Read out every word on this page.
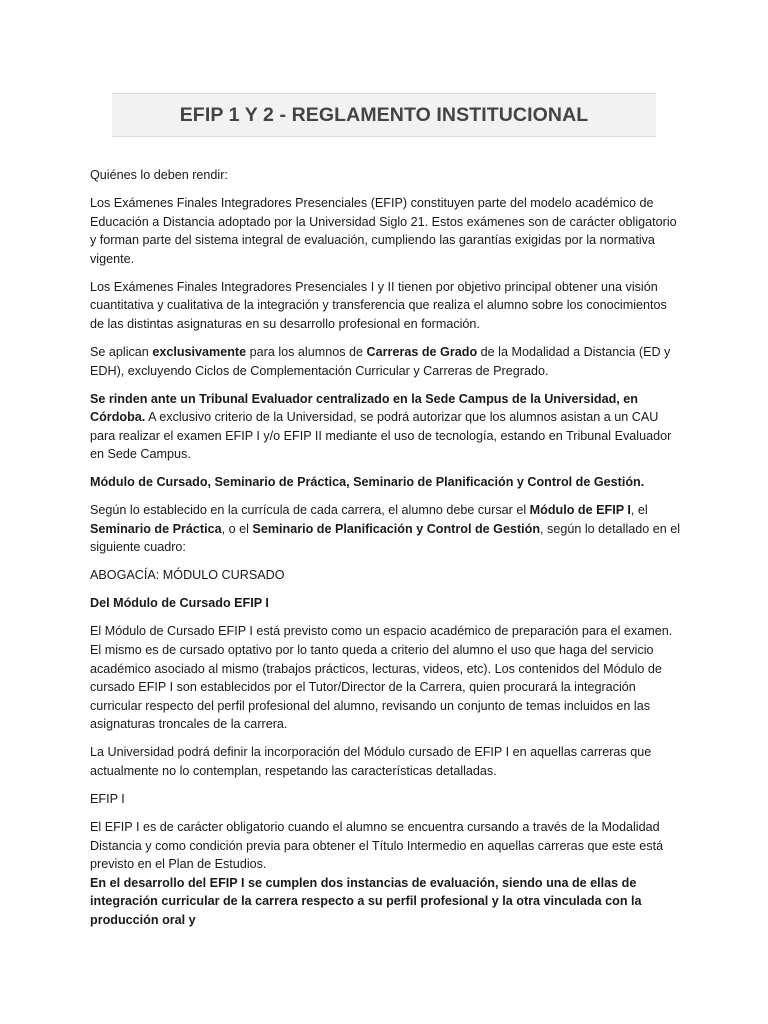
EFIP 1 Y 2 - REGLAMENTO INSTITUCIONAL

Quiénes lo deben rendir:

Los Exámenes Finales Integradores Presenciales (EFIP) constituyen parte del modelo académico de Educación a Distancia adoptado por la Universidad Siglo 21. Estos exámenes son de carácter obligatorio y forman parte del sistema integral de evaluación, cumpliendo las garantías exigidas por la normativa vigente.

Los Exámenes Finales Integradores Presenciales I y II tienen por objetivo principal obtener una visión cuantitativa y cualitativa de la integración y transferencia que realiza el alumno sobre los conocimientos de las distintas asignaturas en su desarrollo profesional en formación.

Se aplican exclusivamente para los alumnos de Carreras de Grado de la Modalidad a Distancia (ED y EDH), excluyendo Ciclos de Complementación Curricular y Carreras de Pregrado.

Se rinden ante un Tribunal Evaluador centralizado en la Sede Campus de la Universidad, en Córdoba. A exclusivo criterio de la Universidad, se podrá autorizar que los alumnos asistan a un CAU para realizar el examen EFIP I y/o EFIP II mediante el uso de tecnología, estando en Tribunal Evaluador en Sede Campus.

Módulo de Cursado, Seminario de Práctica, Seminario de Planificación y Control de Gestión.

Según lo establecido en la currícula de cada carrera, el alumno debe cursar el Módulo de EFIP I, el Seminario de Práctica, o el Seminario de Planificación y Control de Gestión, según lo detallado en el siguiente cuadro:

ABOGACÍA: MÓDULO CURSADO

Del Módulo de Cursado EFIP I

El Módulo de Cursado EFIP I está previsto como un espacio académico de preparación para el examen. El mismo es de cursado optativo por lo tanto queda a criterio del alumno el uso que haga del servicio académico asociado al mismo (trabajos prácticos, lecturas, videos, etc). Los contenidos del Módulo de cursado EFIP I son establecidos por el Tutor/Director de la Carrera, quien procurará la integración curricular respecto del perfil profesional del alumno, revisando un conjunto de temas incluidos en las asignaturas troncales de la carrera.

La Universidad podrá definir la incorporación del Módulo cursado de EFIP I en aquellas carreras que actualmente no lo contemplan, respetando las características detalladas.

EFIP I

El EFIP I es de carácter obligatorio cuando el alumno se encuentra cursando a través de la Modalidad Distancia y como condición previa para obtener el Título Intermedio en aquellas carreras que este está previsto en el Plan de Estudios.

En el desarrollo del EFIP I se cumplen dos instancias de evaluación, siendo una de ellas de integración curricular de la carrera respecto a su perfil profesional y la otra vinculada con la producción oral y
